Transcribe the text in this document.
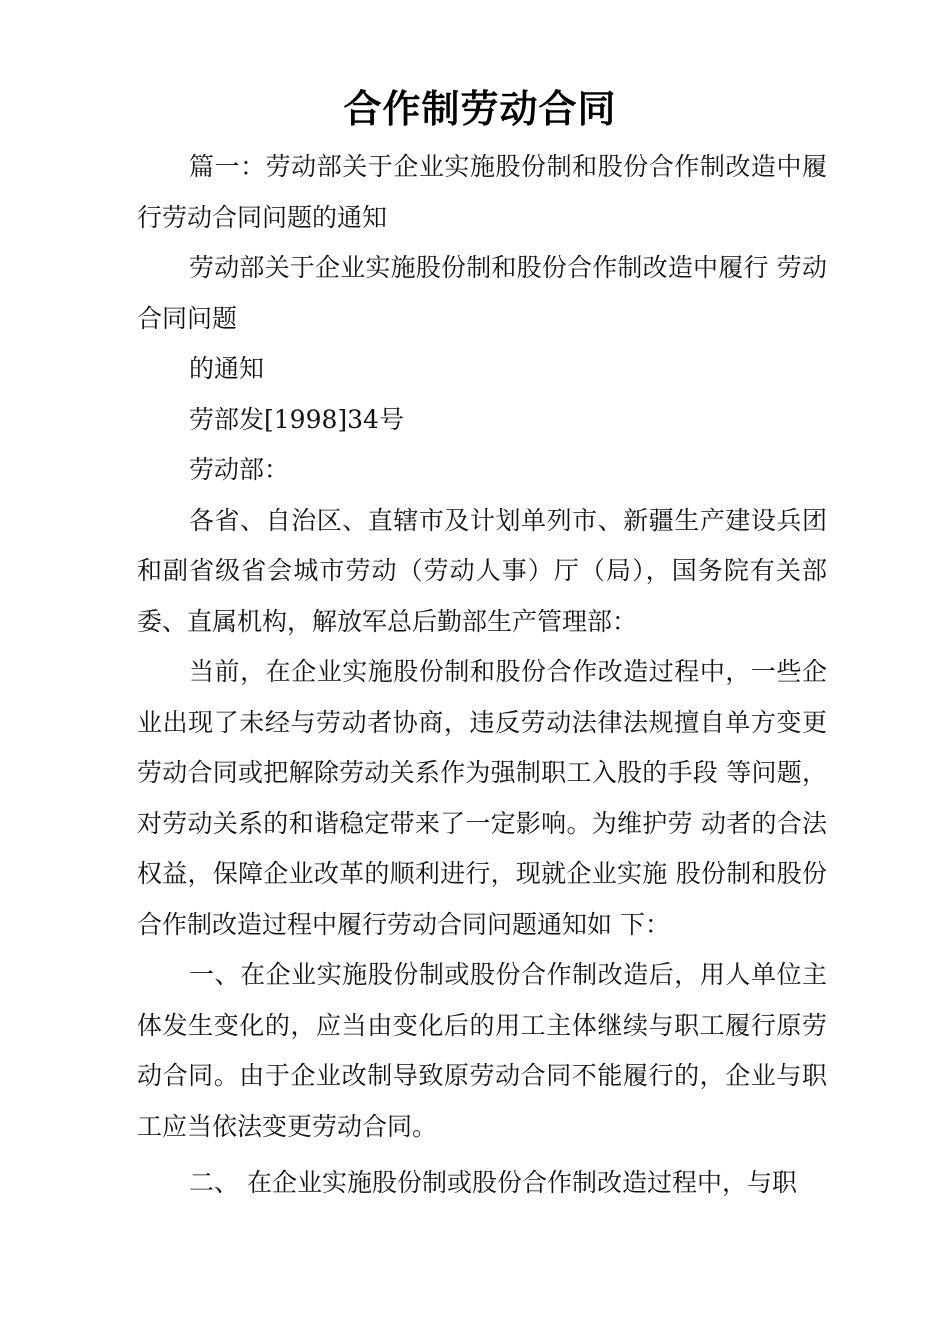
合作制劳动合同

篇一：劳动部关于企业实施股份制和股份合作制改造中履行劳动合同问题的通知

劳动部关于企业实施股份制和股份合作制改造中履行 劳动合同问题

的通知

劳部发[1998]34号

劳动部：

各省、自治区、直辖市及计划单列市、新疆生产建设兵团和副省级省会城市劳动（劳动人事）厅（局），国务院有关部委、直属机构，解放军总后勤部生产管理部：

当前，在企业实施股份制和股份合作改造过程中，一些企业出现了未经与劳动者协商，违反劳动法律法规擅自单方变更劳动合同或把解除劳动关系作为强制职工入股的手段 等问题，对劳动关系的和谐稳定带来了一定影响。为维护劳 动者的合法权益，保障企业改革的顺利进行，现就企业实施 股份制和股份合作制改造过程中履行劳动合同问题通知如 下：

一、在企业实施股份制或股份合作制改造后，用人单位主体发生变化的，应当由变化后的用工主体继续与职工履行原劳动合同。由于企业改制导致原劳动合同不能履行的，企业与职工应当依法变更劳动合同。

二、 在企业实施股份制或股份合作制改造过程中，与职
